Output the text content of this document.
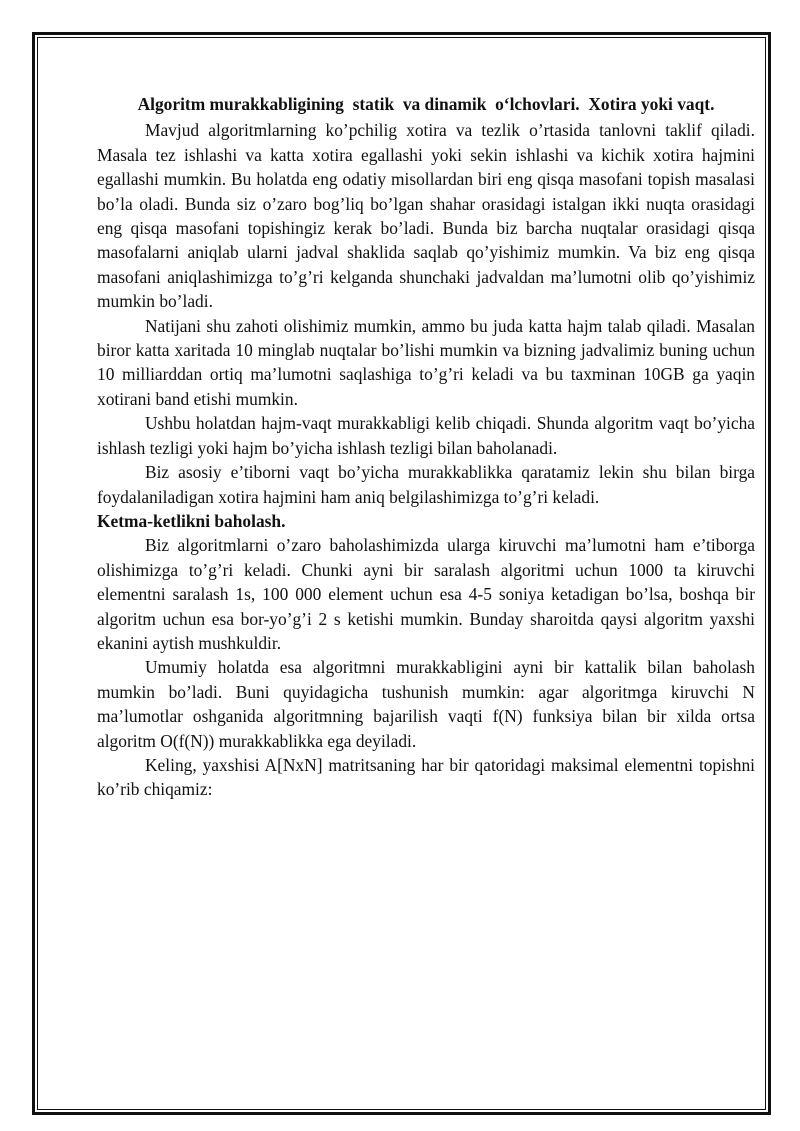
Algoritm murakkabligining  statik  va dinamik  o‘lchovlari.  Xotira yoki vaqt.

Mavjud algoritmlarning ko’pchilig xotira va tezlik o’rtasida tanlovni taklif qiladi. Masala tez ishlashi va katta xotira egallashi yoki sekin ishlashi va kichik xotira hajmini egallashi mumkin. Bu holatda eng odatiy misollardan biri eng qisqa masofani topish masalasi bo’la oladi. Bunda siz o’zaro bog’liq bo’lgan shahar orasidagi istalgan ikki nuqta orasidagi eng qisqa masofani topishingiz kerak bo’ladi. Bunda biz barcha nuqtalar orasidagi qisqa masofalarni aniqlab ularni jadval shaklida saqlab qo’yishimiz mumkin. Va biz eng qisqa masofani aniqlashimizga to’g’ri kelganda shunchaki jadvaldan ma’lumotni olib qo’yishimiz mumkin bo’ladi.

Natijani shu zahoti olishimiz mumkin, ammo bu juda katta hajm talab qiladi. Masalan biror katta xaritada 10 minglab nuqtalar bo’lishi mumkin va bizning jadvalimiz buning uchun 10 milliarddan ortiq ma’lumotni saqlashiga to’g’ri keladi va bu taxminan 10GB ga yaqin xotirani band etishi mumkin.

Ushbu holatdan hajm-vaqt murakkabligi kelib chiqadi. Shunda algoritm vaqt bo’yicha ishlash tezligi yoki hajm bo’yicha ishlash tezligi bilan baholanadi.

Biz asosiy e’tiborni vaqt bo’yicha murakkablikka qaratamiz lekin shu bilan birga foydalaniladigan xotira hajmini ham aniq belgilashimizga to’g’ri keladi.

Ketma-ketlikni baholash.

Biz algoritmlarni o’zaro baholashimizda ularga kiruvchi ma’lumotni ham e’tiborga olishimizga to’g’ri keladi. Chunki ayni bir saralash algoritmi uchun 1000 ta kiruvchi elementni saralash 1s, 100 000 element uchun esa 4-5 soniya ketadigan bo’lsa, boshqa bir algoritm uchun esa bor-yo’g’i 2 s ketishi mumkin. Bunday sharoitda qaysi algoritm yaxshi ekanini aytish mushkuldir.

Umumiy holatda esa algoritmni murakkabligini ayni bir kattalik bilan baholash mumkin bo’ladi. Buni quyidagicha tushunish mumkin: agar algoritmga kiruvchi N ma’lumotlar oshganida algoritmning bajarilish vaqti f(N) funksiya bilan bir xilda ortsa algoritm O(f(N)) murakkablikka ega deyiladi.

Keling, yaxshisi A[NxN] matritsaning har bir qatoridagi maksimal elementni topishni ko’rib chiqamiz:
